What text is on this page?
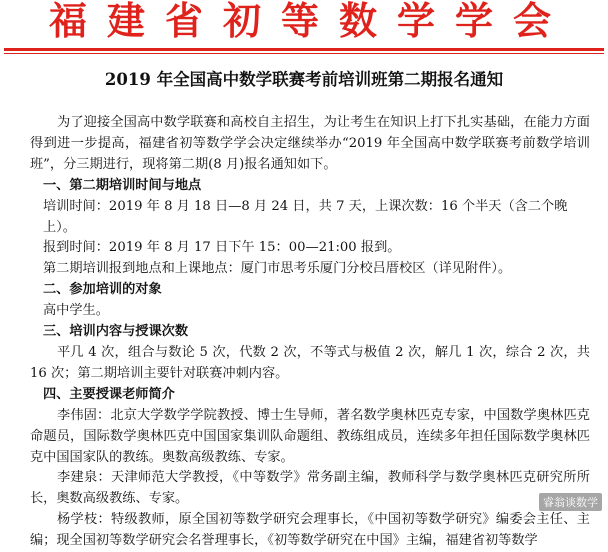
福建省初等数学学会
2019 年全国高中数学联赛考前培训班第二期报名通知

为了迎接全国高中数学联赛和高校自主招生，为让考生在知识上打下扎实基础，在能力方面得到进一步提高，福建省初等数学学会决定继续举办“2019 年全国高中数学联赛考前数学培训班”，分三期进行，现将第二期(8 月)报名通知如下。

一、第二期培训时间与地点

培训时间：2019 年 8 月 18 日—8 月 24 日，共 7 天，上课次数：16 个半天（含二个晚上）。

报到时间：2019 年 8 月 17 日下午 15：00—21:00 报到。

第二期培训报到地点和上课地点：厦门市思考乐厦门分校吕厝校区（详见附件）。

二、参加培训的对象

高中学生。

三、培训内容与授课次数

平几 4 次，组合与数论 5 次，代数 2 次，不等式与极值 2 次，解几 1 次，综合 2 次，共 16 次；第二期培训主要针对联赛冲刺内容。

四、主要授课老师简介

李伟固：北京大学数学学院教授、博士生导师，著名数学奥林匹克专家，中国数学奥林匹克命题员，国际数学奥林匹克中国国家集训队命题组、教练组成员，连续多年担任国际数学奥林匹克中国国家队的教练。奥数高级教练、专家。

李建泉：天津师范大学教授，《中等数学》常务副主编，教师科学与数学奥林匹克研究所所长，奥数高级教练、专家。

杨学枝：特级教师，原全国初等数学研究会理事长，《中国初等数学研究》编委会主任、主编；现全国初等数学研究会名誉理事长，《初等数学研究在中国》主编，福建省初等数学

睿翁谈数学
